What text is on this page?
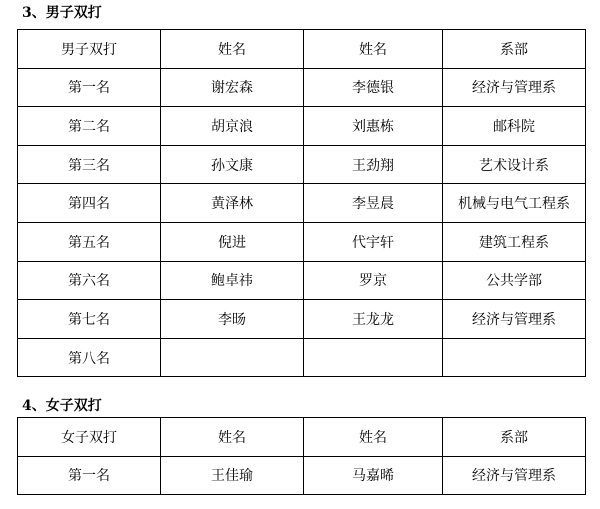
3、男子双打
男子双打	姓名	姓名	系部
第一名	谢宏森	李德银	经济与管理系
第二名	胡京浪	刘惠栋	邮科院
第三名	孙文康	王劲翔	艺术设计系
第四名	黄泽林	李昱晨	机械与电气工程系
第五名	倪进	代宇轩	建筑工程系
第六名	鲍卓祎	罗京	公共学部
第七名	李旸	王龙龙	经济与管理系
第八名			
4、女子双打
女子双打	姓名	姓名	系部
第一名	王佳瑜	马嘉晞	经济与管理系
